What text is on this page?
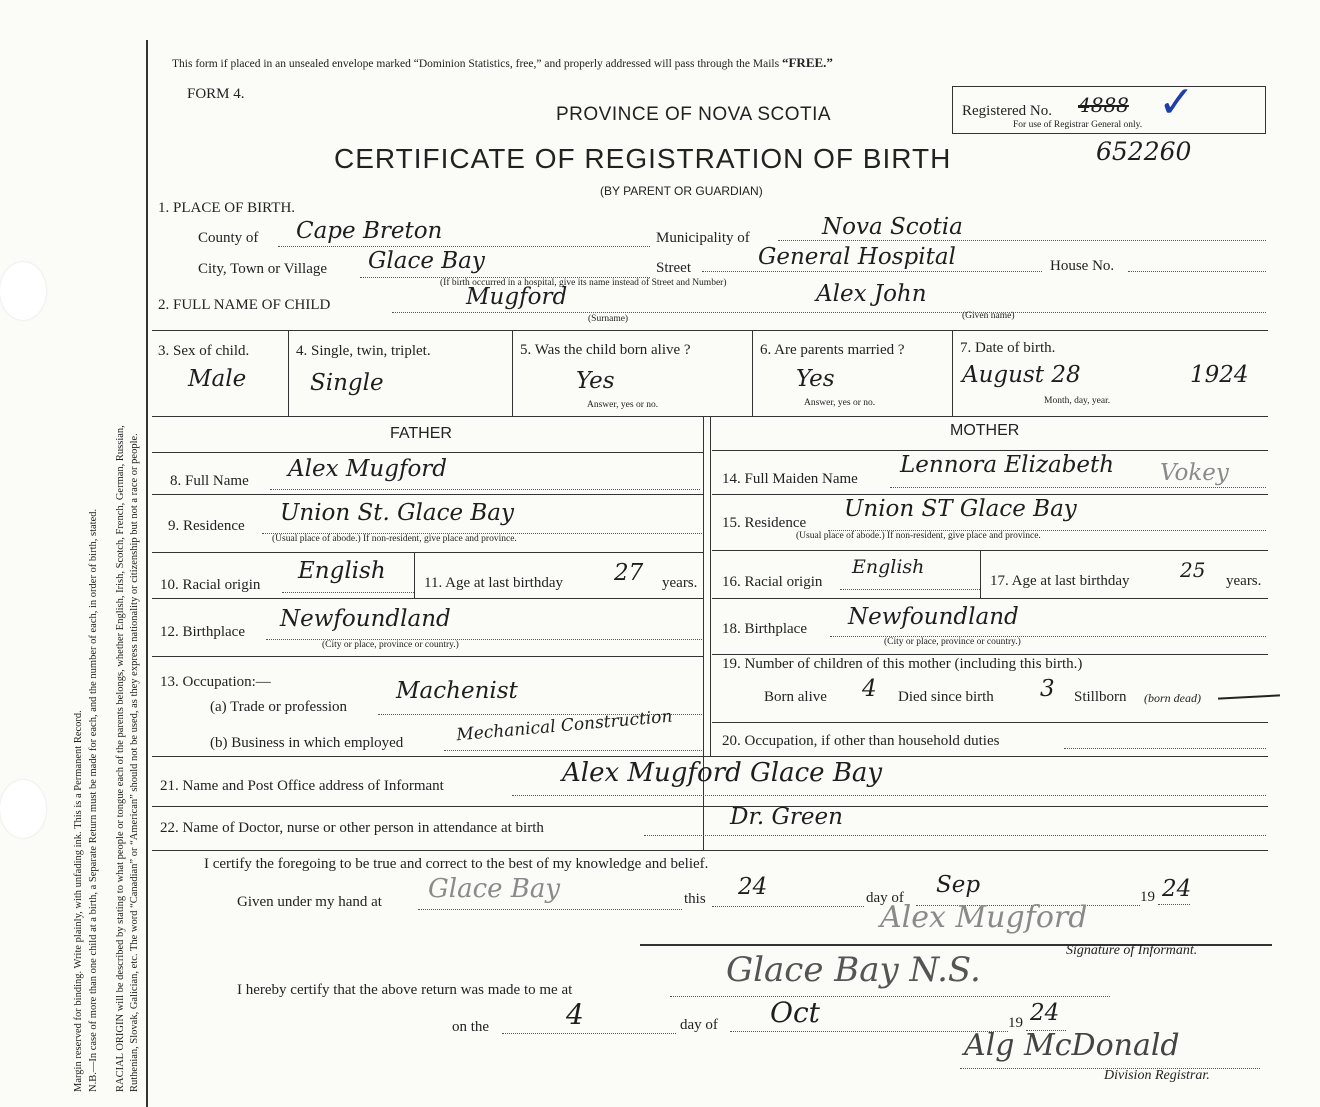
Margin reserved for binding. Write plainly, with unfading ink. This is a Permanent Record. N.B.—In case of more than one child at a birth, a Separate Return must be made for each, and the number of each, in order of birth, stated. RACIAL ORIGIN will be described by stating to what people or tongue each of the parents belongs, whether English, Irish, Scotch, French, German, Russian, Ruthenian, Slovak, Galician, etc. The word “Canadian” or “American” should not be used, as they express nationality or citizenship but not a race or people.
This form if placed in an unsealed envelope marked “Dominion Statistics, free,” and properly addressed will pass through the Mails “FREE.”
FORM 4.
PROVINCE OF NOVA SCOTIA
CERTIFICATE OF REGISTRATION OF BIRTH	652260
(BY PARENT OR GUARDIAN)
Registered No. 4888 ✓
For use of Registrar General only.
1. PLACE OF BIRTH.
County of Cape Breton	Municipality of	Nova Scotia
City, Town or Village Glace Bay	Street	General Hospital	House No.
(If birth occurred in a hospital, give its name instead of Street and Number)
2. FULL NAME OF CHILD	Mugford	Alex John
(Surname)	(Given name)
3. Sex of child.
Male
4. Single, twin, triplet.
Single
5. Was the child born alive ?
Yes
Answer, yes or no.
6. Are parents married ?
Yes
Answer, yes or no.
7. Date of birth.
August 28	1924
Month, day, year.
FATHER	MOTHER
8. Full Name Alex Mugford
9. Residence Union St. Glace Bay
(Usual place of abode.) If non-resident, give place and province.
10. Racial origin
English	11. Age at last birthday 27 years.
12. Birthplace Newfoundland
(City or place, province or country.)
13. Occupation:—
(a) Trade or profession
Machenist
(b) Business in which employed	Mechanical Construction
14. Full Maiden Name
Lennora Elizabeth Vokey
15. Residence
Union ST Glace Bay
(Usual place of abode.) If non-resident, give place and province.
16. Racial origin
English
17. Age at last birthday	25 years.
18. Birthplace Newfoundland
(City or place, province or country.)
19. Number of children of this mother (including this birth.)
Born alive 4 Died since birth 3 Stillborn (born dead)
20. Occupation, if other than household duties
21. Name and Post Office address of Informant	Alex Mugford Glace Bay
22. Name of Doctor, nurse or other person in attendance at birth	Dr. Green
I certify the foregoing to be true and correct to the best of my knowledge and belief.
Given under my hand at Glace Bay	this 24	day of Sep	19 24
Alex Mugford
Signature of Informant.
I hereby certify that the above return was made to me at	Glace Bay N.S.
on the	4	day of Oct	19 24
Alg McDonald
Division Registrar.
